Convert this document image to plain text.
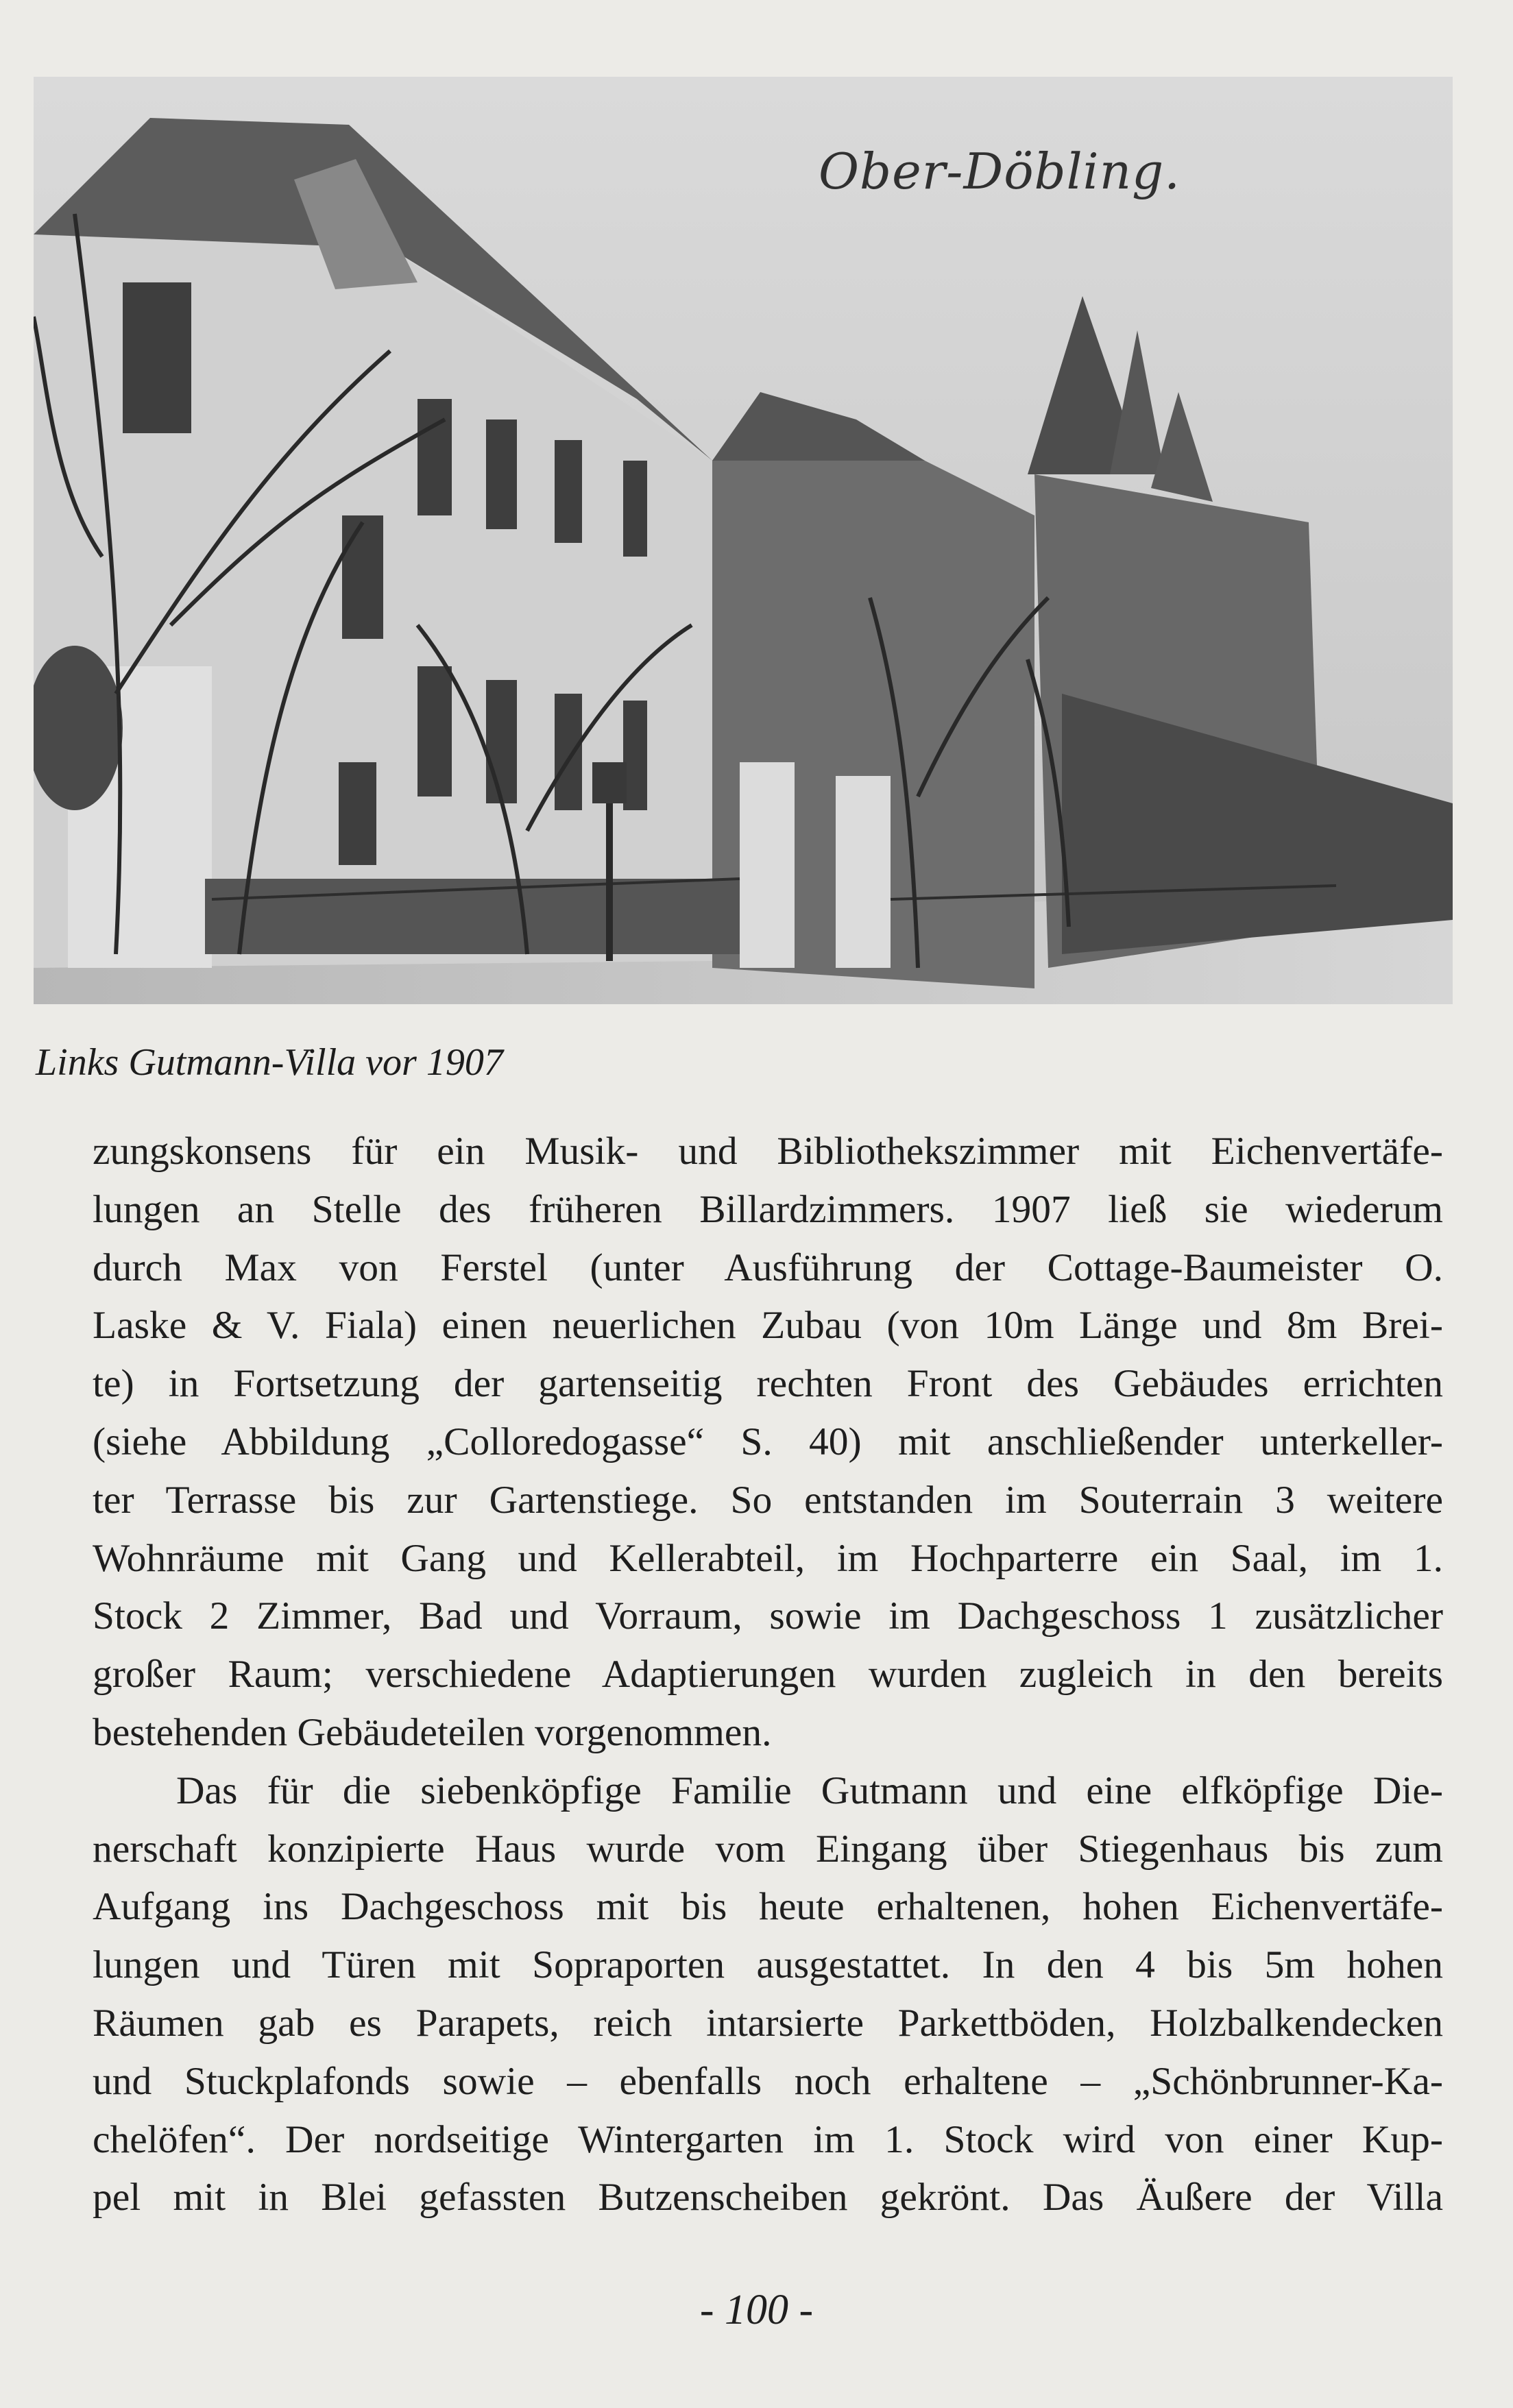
Ober-Döbling.
Links Gutmann-Villa vor 1907
zungskonsens für ein Musik- und Bibliothekszimmer mit Eichenvertäfe-
lungen an Stelle des früheren Billardzimmers. 1907 ließ sie wiederum
durch Max von Ferstel (unter Ausführung der Cottage-Baumeister O.
Laske & V. Fiala) einen neuerlichen Zubau (von 10m Länge und 8m Brei-
te) in Fortsetzung der gartenseitig rechten Front des Gebäudes errichten
(siehe Abbildung „Colloredogasse“ S. 40) mit anschließender unterkeller-
ter Terrasse bis zur Gartenstiege. So entstanden im Souterrain 3 weitere
Wohnräume mit Gang und Kellerabteil, im Hochparterre ein Saal, im 1.
Stock 2 Zimmer, Bad und Vorraum, sowie im Dachgeschoss 1 zusätzlicher
großer Raum; verschiedene Adaptierungen wurden zugleich in den bereits
bestehenden Gebäudeteilen vorgenommen.
Das für die siebenköpfige Familie Gutmann und eine elfköpfige Die-
nerschaft konzipierte Haus wurde vom Eingang über Stiegenhaus bis zum
Aufgang ins Dachgeschoss mit bis heute erhaltenen, hohen Eichenvertäfe-
lungen und Türen mit Sopraporten ausgestattet. In den 4 bis 5m hohen
Räumen gab es Parapets, reich intarsierte Parkettböden, Holzbalkendecken
und Stuckplafonds sowie – ebenfalls noch erhaltene – „Schönbrunner-Ka-
chelöfen“. Der nordseitige Wintergarten im 1. Stock wird von einer Kup-
pel mit in Blei gefassten Butzenscheiben gekrönt. Das Äußere der Villa
- 100 -
